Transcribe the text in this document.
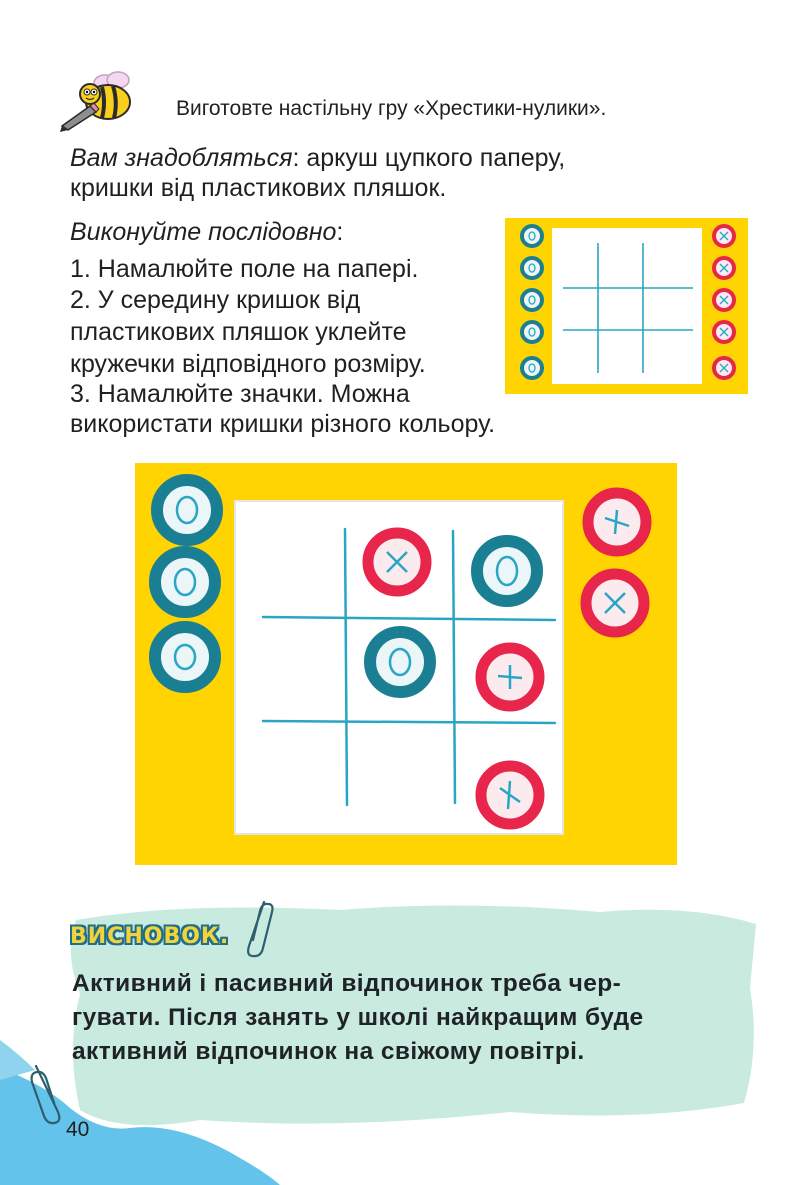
Виготовте настільну гру «Хрестики-нулики».
Вам знадобляться: аркуш цупкого паперу,
кришки від пластикових пляшок.
Виконуйте послідовно:
1. Намалюйте поле на папері.
2. У середину кришок від
пластикових пляшок уклейте
кружечки відповідного розміру.
3. Намалюйте значки. Можна
використати кришки різного кольору.
ВИСНОВОК.
Активний і пасивний відпочинок треба чер-
гувати. Після занять у школі найкращим буде
активний відпочинок на свіжому повітрі.
40
